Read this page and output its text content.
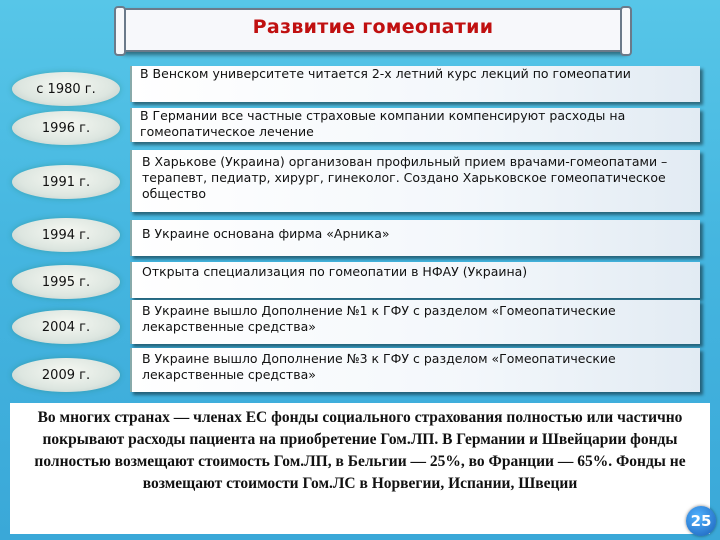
Развитие гомеопатии
с 1980 г.
В Венском университете читается 2-х летний курс лекций по гомеопатии
1996 г.
В Германии все частные страховые компании компенсируют расходы на гомеопатическое лечение
1991 г.
В Харькове (Украина) организован профильный прием врачами-гомеопатами – терапевт, педиатр, хирург, гинеколог. Создано Харьковское гомеопатическое общество
1994 г.	В Украине основана фирма «Арника»
1995 г.
Открыта специализация по гомеопатии в НФАУ (Украина)
2004 г.
В Украине вышло Дополнение №1 к ГФУ с разделом «Гомеопатические лекарственные средства»
2009 г.
В Украине вышло Дополнение №3 к ГФУ с разделом «Гомеопатические лекарственные средства»
Во многих странах — членах ЕС фонды социального страхования полностью или частично покрывают расходы пациента на приобретение Гом.ЛП. В Германии и Швейцарии фонды полностью возмещают стоимость Гом.ЛП, в Бельгии — 25%, во Франции — 65%. Фонды не возмещают стоимости Гом.ЛС в Норвегии, Испании, Швеции
25
